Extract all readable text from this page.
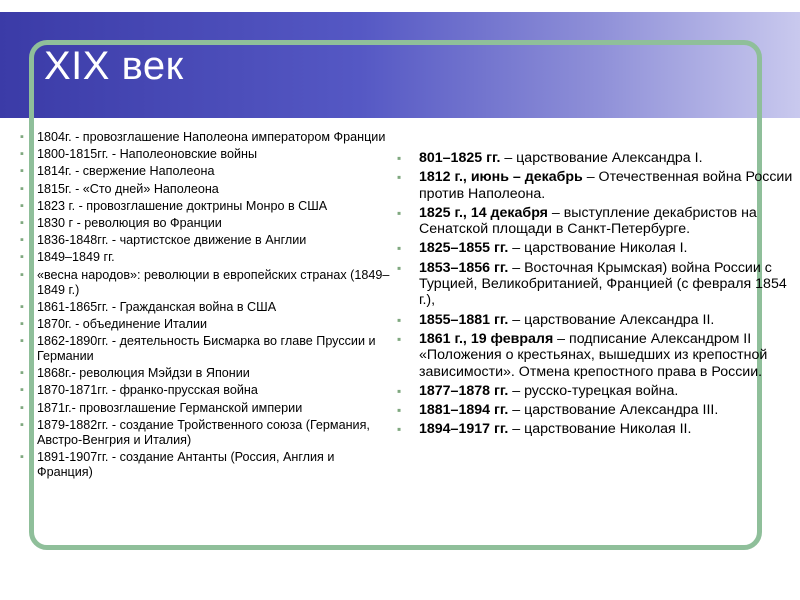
XIX век
▪ 1804г. - провозглашение Наполеона императором Франции
▪ 1800-1815гг. - Наполеоновские войны
▪ 1814г. - свержение Наполеона
▪ 1815г. - «Сто дней» Наполеона
▪ 1823 г. - провозглашение доктрины Монро в США
▪ 1830 г - революция во Франции
▪ 1836-1848гг. - чартистское движение в Англии
▪ 1849–1849 гг.
▪ «весна народов»: революции в европейских странах (1849–1849 г.)
▪ 1861-1865гг. - Гражданская война в США
▪ 1870г. - объединение Италии
▪ 1862-1890гг. - деятельность Бисмарка во главе Пруссии и Германии
▪ 1868г.- революция Мэйдзи в Японии
▪ 1870-1871гг. - франко-прусская война
▪ 1871г.- провозглашение Германской империи
▪ 1879-1882гг. - создание Тройственного союза (Германия, Австро-Венгрия и Италия)
▪ 1891-1907гг. - создание Антанты (Россия, Англия и Франция)
▪ 801–1825 гг. – царствование Александра I.
▪ 1812 г., июнь – декабрь – Отечественная война России против Наполеона.
▪ 1825 г., 14 декабря – выступление декабристов на Сенатской площади в Санкт-Петербурге.
▪ 1825–1855 гг. – царствование Николая I.
▪ 1853–1856 гг. – Восточная Крымская) война России с Турцией, Великобританией, Францией (с февраля 1854 г.),
▪ 1855–1881 гг. – царствование Александра II.
▪ 1861 г., 19 февраля – подписание Александром II «Положения о крестьянах, вышедших из крепостной зависимости». Отмена крепостного права в России.
▪ 1877–1878 гг. – русско-турецкая война.
▪ 1881–1894 гг. – царствование Александра III.
▪ 1894–1917 гг. – царствование Николая II.
